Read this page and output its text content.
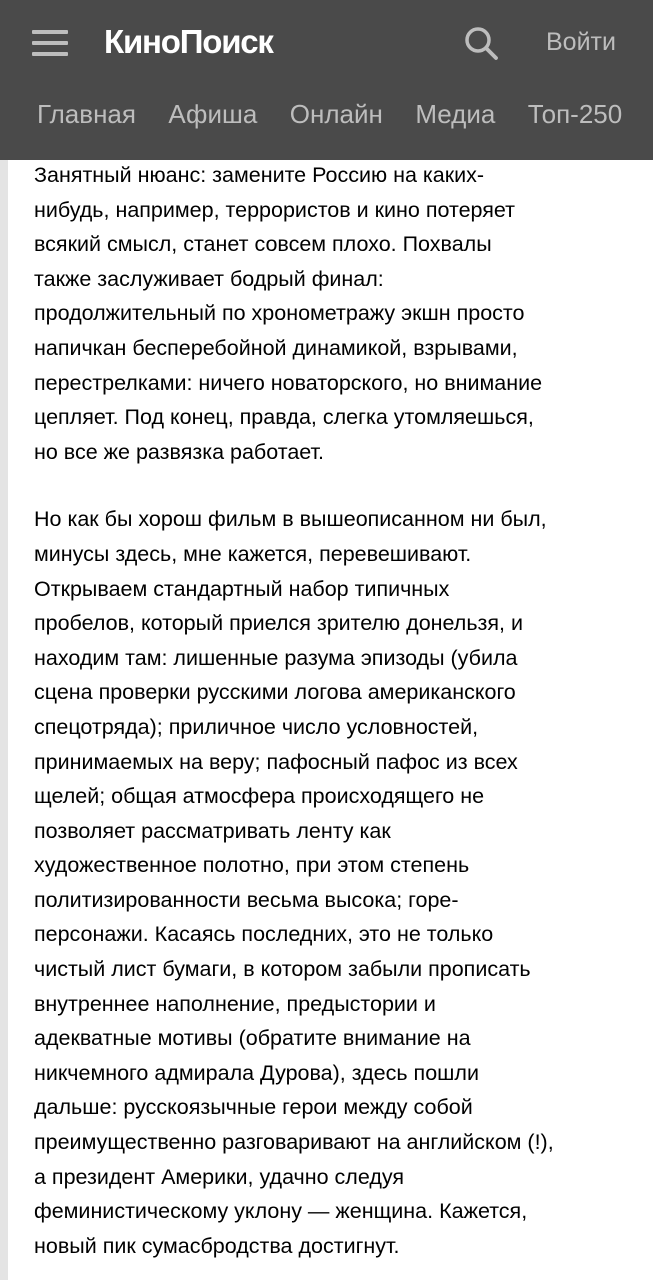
КиноПоиск	Войти
Главная Афиша Онлайн Медиа Топ-250

Занятный нюанс: замените Россию на каких-
нибудь, например, террористов и кино потеряет
всякий смысл, станет совсем плохо. Похвалы
также заслуживает бодрый финал:
продолжительный по хронометражу экшн просто
напичкан бесперебойной динамикой, взрывами,
перестрелками: ничего новаторского, но внимание
цепляет. Под конец, правда, слегка утомляешься,
но все же развязка работает.

Но как бы хорош фильм в вышеописанном ни был,
минусы здесь, мне кажется, перевешивают.
Открываем стандартный набор типичных
пробелов, который приелся зрителю донельзя, и
находим там: лишенные разума эпизоды (убила
сцена проверки русскими логова американского
спецотряда); приличное число условностей,
принимаемых на веру; пафосный пафос из всех
щелей; общая атмосфера происходящего не
позволяет рассматривать ленту как
художественное полотно, при этом степень
политизированности весьма высока; горе-
персонажи. Касаясь последних, это не только
чистый лист бумаги, в котором забыли прописать
внутреннее наполнение, предыстории и
адекватные мотивы (обратите внимание на
никчемного адмирала Дурова), здесь пошли
дальше: русскоязычные герои между собой
преимущественно разговаривают на английском (!),
а президент Америки, удачно следуя
феминистическому уклону — женщина. Кажется,
новый пик сумасбродства достигнут.
